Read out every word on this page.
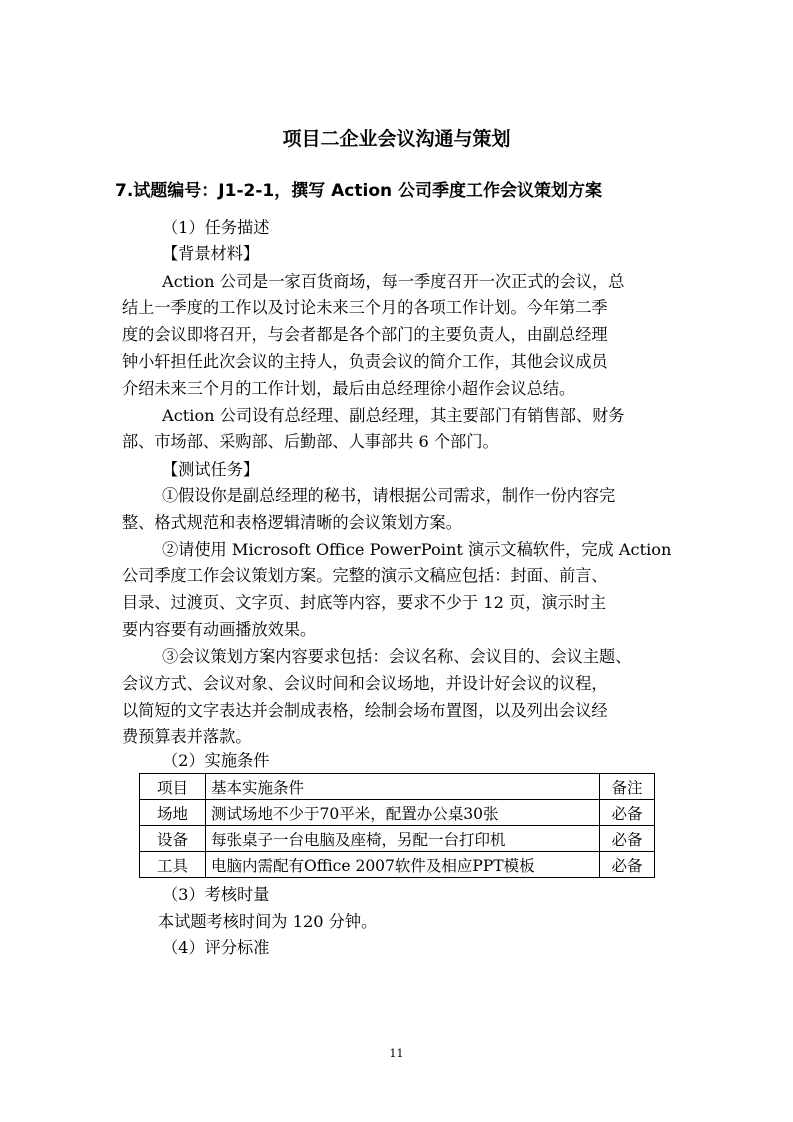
项目二企业会议沟通与策划
7.试题编号：J1-2-1，撰写 Action 公司季度工作会议策划方案
（1）任务描述
【背景材料】
Action 公司是一家百货商场，每一季度召开一次正式的会议，总
结上一季度的工作以及讨论未来三个月的各项工作计划。今年第二季
度的会议即将召开，与会者都是各个部门的主要负责人，由副总经理
钟小轩担任此次会议的主持人，负责会议的简介工作，其他会议成员
介绍未来三个月的工作计划，最后由总经理徐小超作会议总结。
Action 公司设有总经理、副总经理，其主要部门有销售部、财务
部、市场部、采购部、后勤部、人事部共 6 个部门。
【测试任务】
①假设你是副总经理的秘书，请根据公司需求，制作一份内容完
整、格式规范和表格逻辑清晰的会议策划方案。
②请使用 Microsoft Office PowerPoint 演示文稿软件，完成 Action
公司季度工作会议策划方案。完整的演示文稿应包括：封面、前言、
目录、过渡页、文字页、封底等内容，要求不少于 12 页，演示时主
要内容要有动画播放效果。
③会议策划方案内容要求包括：会议名称、会议目的、会议主题、
会议方式、会议对象、会议时间和会议场地，并设计好会议的议程，
以简短的文字表达并会制成表格，绘制会场布置图，以及列出会议经
费预算表并落款。
（2）实施条件
项目	基本实施条件	备注
场地	测试场地不少于70平米，配置办公桌30张	必备
设备	每张桌子一台电脑及座椅，另配一台打印机	必备
工具	电脑内需配有Office 2007软件及相应PPT模板	必备
（3）考核时量
本试题考核时间为 120 分钟。
（4）评分标准
11
